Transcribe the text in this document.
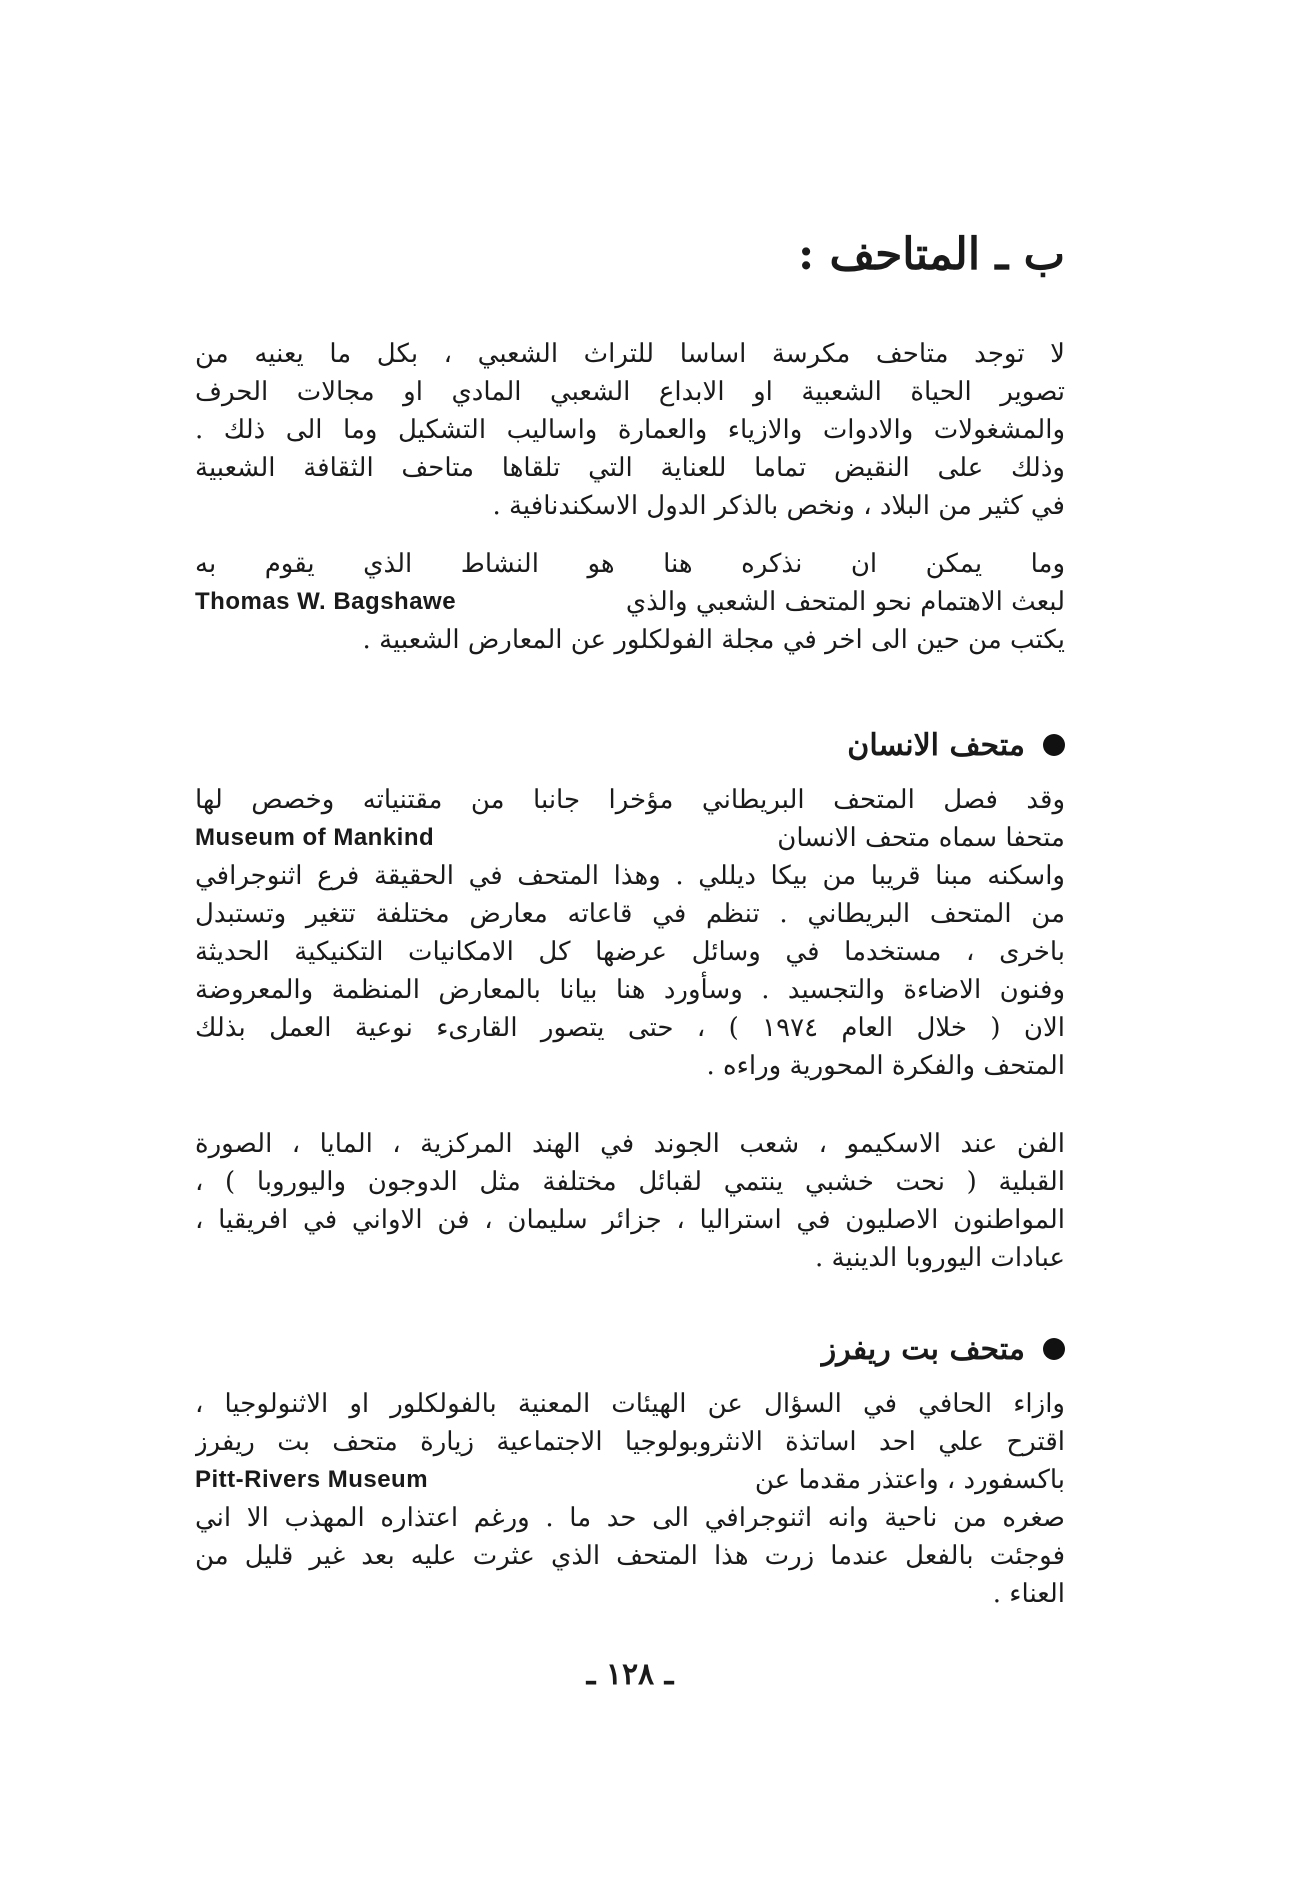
ب ـ المتاحف :
لا توجد متاحف مكرسة اساسا للتراث الشعبي ، بكل ما يعنيه من
تصوير الحياة الشعبية او الابداع الشعبي المادي او مجالات الحرف
والمشغولات والادوات والازياء والعمارة واساليب التشكيل وما الى ذلك .
وذلك على النقيض تماما للعناية التي تلقاها متاحف الثقافة الشعبية
في كثير من البلاد ، ونخص بالذكر الدول الاسكندنافية .
وما يمكن ان نذكره هنا هو النشاط الذي يقوم به
لبعث الاهتمام نحو المتحف الشعبي والذي
Thomas W. Bagshawe
يكتب من حين الى اخر في مجلة الفولكلور عن المعارض الشعبية .
متحف الانسان
وقد فصل المتحف البريطاني مؤخرا جانبا من مقتنياته وخصص لها
متحفا سماه متحف الانسان
Museum of Mankind
واسكنه مبنا قريبا من بيكا ديللي . وهذا المتحف في الحقيقة فرع اثنوجرافي
من المتحف البريطاني . تنظم في قاعاته معارض مختلفة تتغير وتستبدل
باخرى ، مستخدما في وسائل عرضها كل الامكانيات التكنيكية الحديثة
وفنون الاضاءة والتجسيد . وسأورد هنا بيانا بالمعارض المنظمة والمعروضة
الان ( خلال العام ١٩٧٤ ) ، حتى يتصور القارىء نوعية العمل بذلك
المتحف والفكرة المحورية وراءه .
الفن عند الاسكيمو ، شعب الجوند في الهند المركزية ، المايا ، الصورة
القبلية ( نحت خشبي ينتمي لقبائل مختلفة مثل الدوجون واليوروبا ) ،
المواطنون الاصليون في استراليا ، جزائر سليمان ، فن الاواني في افريقيا ،
عبادات اليوروبا الدينية .
متحف بت ريفرز
وازاء الحافي في السؤال عن الهيئات المعنية بالفولكلور او الاثنولوجيا ،
اقترح علي احد اساتذة الانثروبولوجيا الاجتماعية زيارة متحف بت ريفرز
باكسفورد ، واعتذر مقدما عن
Pitt-Rivers Museum
صغره من ناحية وانه اثنوجرافي الى حد ما . ورغم اعتذاره المهذب الا اني
فوجئت بالفعل عندما زرت هذا المتحف الذي عثرت عليه بعد غير قليل من
العناء .
ـ ١٢٨ ـ
